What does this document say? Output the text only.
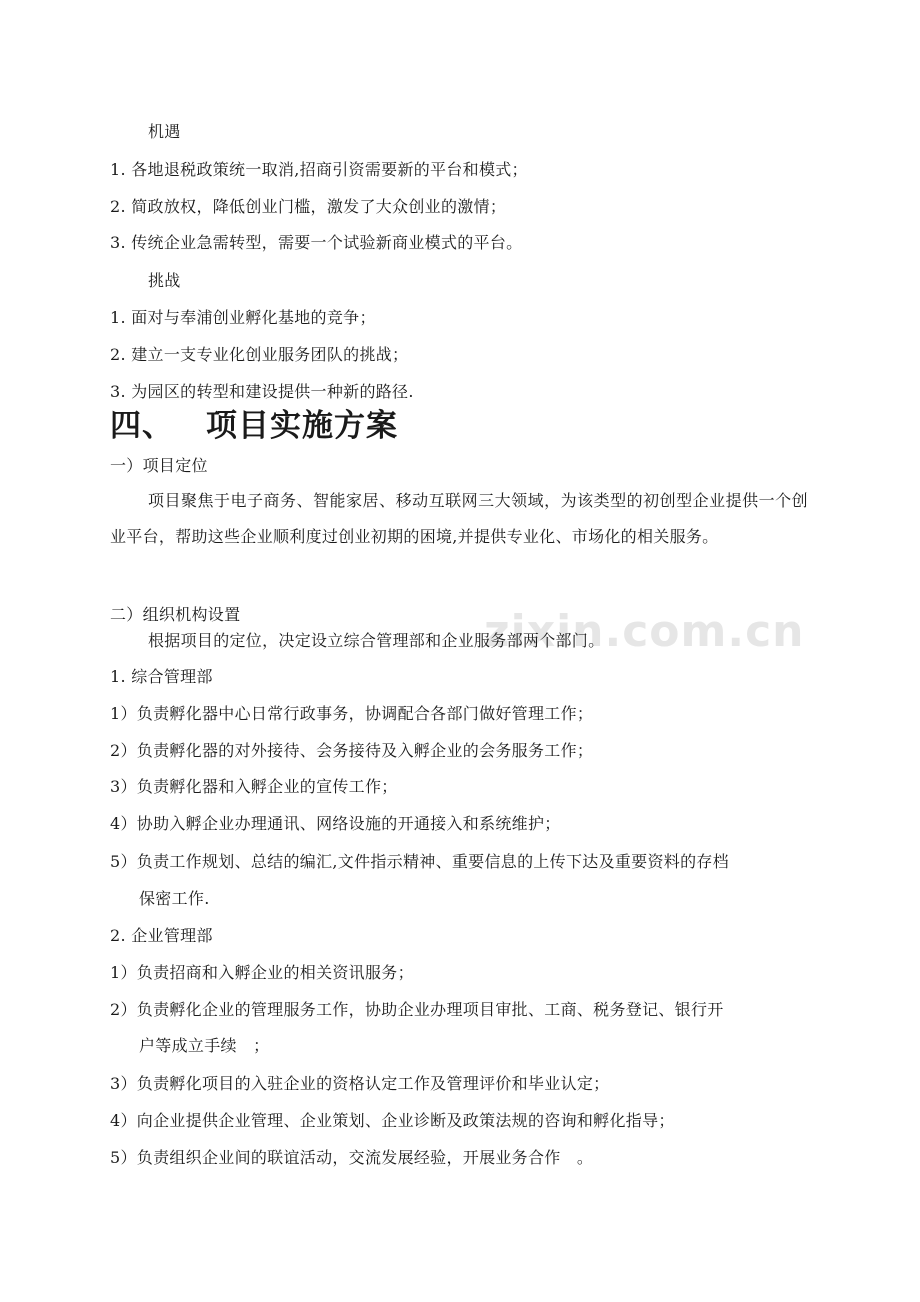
zixin.com.cn
机遇
1. 各地退税政策统一取消,招商引资需要新的平台和模式；
2. 简政放权，降低创业门槛，激发了大众创业的激情；
3. 传统企业急需转型，需要一个试验新商业模式的平台。
挑战
1. 面对与奉浦创业孵化基地的竞争；
2. 建立一支专业化创业服务团队的挑战；
3. 为园区的转型和建设提供一种新的路径.
四、 项目实施方案
一）项目定位
项目聚焦于电子商务、智能家居、移动互联网三大领域，为该类型的初创型企业提供一个创业平台，帮助这些企业顺利度过创业初期的困境,并提供专业化、市场化的相关服务。
二）组织机构设置
根据项目的定位，决定设立综合管理部和企业服务部两个部门。
1. 综合管理部
1）负责孵化器中心日常行政事务，协调配合各部门做好管理工作；
2）负责孵化器的对外接待、会务接待及入孵企业的会务服务工作；
3）负责孵化器和入孵企业的宣传工作；
4）协助入孵企业办理通讯、网络设施的开通接入和系统维护；
5）负责工作规划、总结的编汇,文件指示精神、重要信息的上传下达及重要资料的存档
保密工作.
2. 企业管理部
1）负责招商和入孵企业的相关资讯服务；
2）负责孵化企业的管理服务工作，协助企业办理项目审批、工商、税务登记、银行开
户等成立手续　；
3）负责孵化项目的入驻企业的资格认定工作及管理评价和毕业认定；
4）向企业提供企业管理、企业策划、企业诊断及政策法规的咨询和孵化指导；
5）负责组织企业间的联谊活动，交流发展经验，开展业务合作　。
